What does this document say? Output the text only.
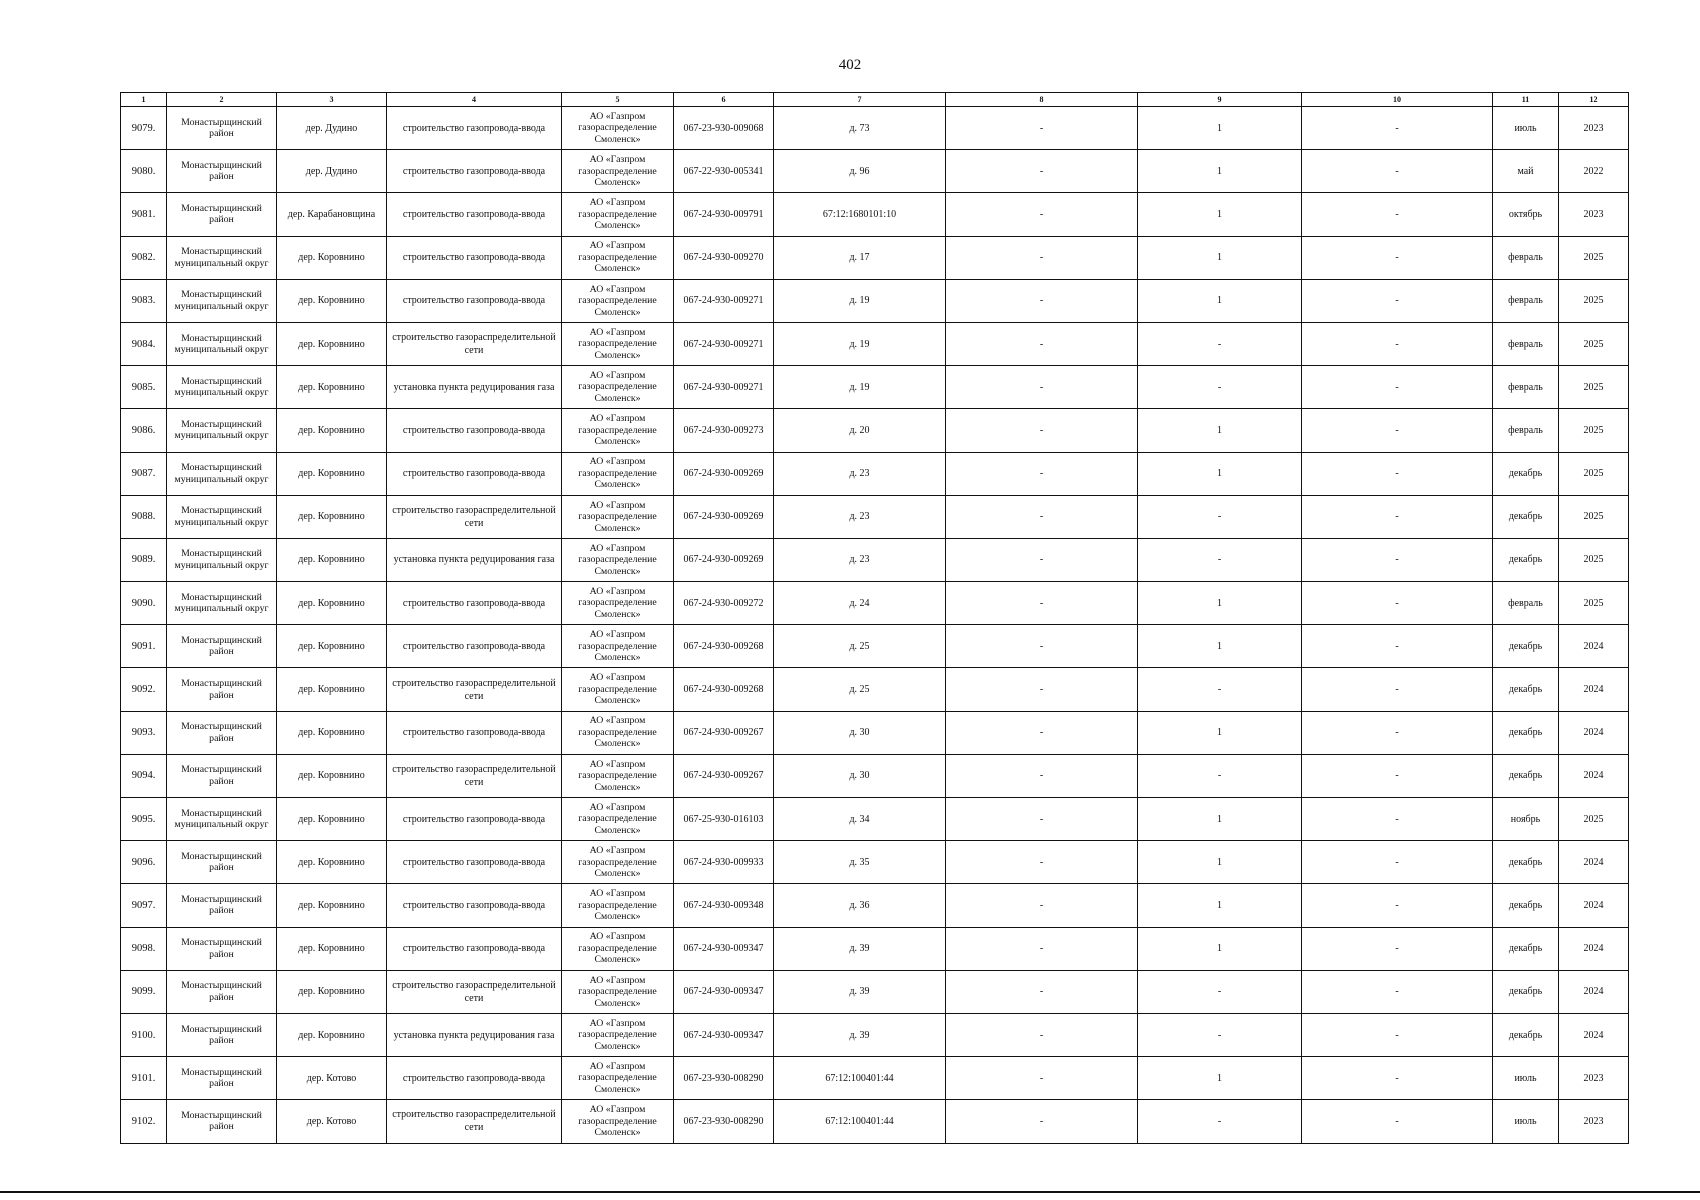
402
1	2	3	4	5	6	7	8	9	10	11	12
9079.	Монастырщинский район	дер. Дудино	строительство газопровода-ввода	АО «Газпром газораспределение Смоленск»	067-23-930-009068	д. 73	-	1	-	июль	2023
9080.	Монастырщинский район	дер. Дудино	строительство газопровода-ввода	АО «Газпром газораспределение Смоленск»	067-22-930-005341	д. 96	-	1	-	май	2022
9081.	Монастырщинский район	дер. Карабановщина	строительство газопровода-ввода	АО «Газпром газораспределение Смоленск»	067-24-930-009791	67:12:1680101:10	-	1	-	октябрь	2023
9082.	Монастырщинский муниципальный округ	дер. Коровнино	строительство газопровода-ввода	АО «Газпром газораспределение Смоленск»	067-24-930-009270	д. 17	-	1	-	февраль	2025
9083.	Монастырщинский муниципальный округ	дер. Коровнино	строительство газопровода-ввода	АО «Газпром газораспределение Смоленск»	067-24-930-009271	д. 19	-	1	-	февраль	2025
9084.	Монастырщинский муниципальный округ	дер. Коровнино	строительство газораспределительной сети	АО «Газпром газораспределение Смоленск»	067-24-930-009271	д. 19	-	-	-	февраль	2025
9085.	Монастырщинский муниципальный округ	дер. Коровнино	установка пункта редуцирования газа	АО «Газпром газораспределение Смоленск»	067-24-930-009271	д. 19	-	-	-	февраль	2025
9086.	Монастырщинский муниципальный округ	дер. Коровнино	строительство газопровода-ввода	АО «Газпром газораспределение Смоленск»	067-24-930-009273	д. 20	-	1	-	февраль	2025
9087.	Монастырщинский муниципальный округ	дер. Коровнино	строительство газопровода-ввода	АО «Газпром газораспределение Смоленск»	067-24-930-009269	д. 23	-	1	-	декабрь	2025
9088.	Монастырщинский муниципальный округ	дер. Коровнино	строительство газораспределительной сети	АО «Газпром газораспределение Смоленск»	067-24-930-009269	д. 23	-	-	-	декабрь	2025
9089.	Монастырщинский муниципальный округ	дер. Коровнино	установка пункта редуцирования газа	АО «Газпром газораспределение Смоленск»	067-24-930-009269	д. 23	-	-	-	декабрь	2025
9090.	Монастырщинский муниципальный округ	дер. Коровнино	строительство газопровода-ввода	АО «Газпром газораспределение Смоленск»	067-24-930-009272	д. 24	-	1	-	февраль	2025
9091.	Монастырщинский район	дер. Коровнино	строительство газопровода-ввода	АО «Газпром газораспределение Смоленск»	067-24-930-009268	д. 25	-	1	-	декабрь	2024
9092.	Монастырщинский район	дер. Коровнино	строительство газораспределительной сети	АО «Газпром газораспределение Смоленск»	067-24-930-009268	д. 25	-	-	-	декабрь	2024
9093.	Монастырщинский район	дер. Коровнино	строительство газопровода-ввода	АО «Газпром газораспределение Смоленск»	067-24-930-009267	д. 30	-	1	-	декабрь	2024
9094.	Монастырщинский район	дер. Коровнино	строительство газораспределительной сети	АО «Газпром газораспределение Смоленск»	067-24-930-009267	д. 30	-	-	-	декабрь	2024
9095.	Монастырщинский муниципальный округ	дер. Коровнино	строительство газопровода-ввода	АО «Газпром газораспределение Смоленск»	067-25-930-016103	д. 34	-	1	-	ноябрь	2025
9096.	Монастырщинский район	дер. Коровнино	строительство газопровода-ввода	АО «Газпром газораспределение Смоленск»	067-24-930-009933	д. 35	-	1	-	декабрь	2024
9097.	Монастырщинский район	дер. Коровнино	строительство газопровода-ввода	АО «Газпром газораспределение Смоленск»	067-24-930-009348	д. 36	-	1	-	декабрь	2024
9098.	Монастырщинский район	дер. Коровнино	строительство газопровода-ввода	АО «Газпром газораспределение Смоленск»	067-24-930-009347	д. 39	-	1	-	декабрь	2024
9099.	Монастырщинский район	дер. Коровнино	строительство газораспределительной сети	АО «Газпром газораспределение Смоленск»	067-24-930-009347	д. 39	-	-	-	декабрь	2024
9100.	Монастырщинский район	дер. Коровнино	установка пункта редуцирования газа	АО «Газпром газораспределение Смоленск»	067-24-930-009347	д. 39	-	-	-	декабрь	2024
9101.	Монастырщинский район	дер. Котово	строительство газопровода-ввода	АО «Газпром газораспределение Смоленск»	067-23-930-008290	67:12:100401:44	-	1	-	июль	2023
9102.	Монастырщинский район	дер. Котово	строительство газораспределительной сети	АО «Газпром газораспределение Смоленск»	067-23-930-008290	67:12:100401:44	-	-	-	июль	2023
